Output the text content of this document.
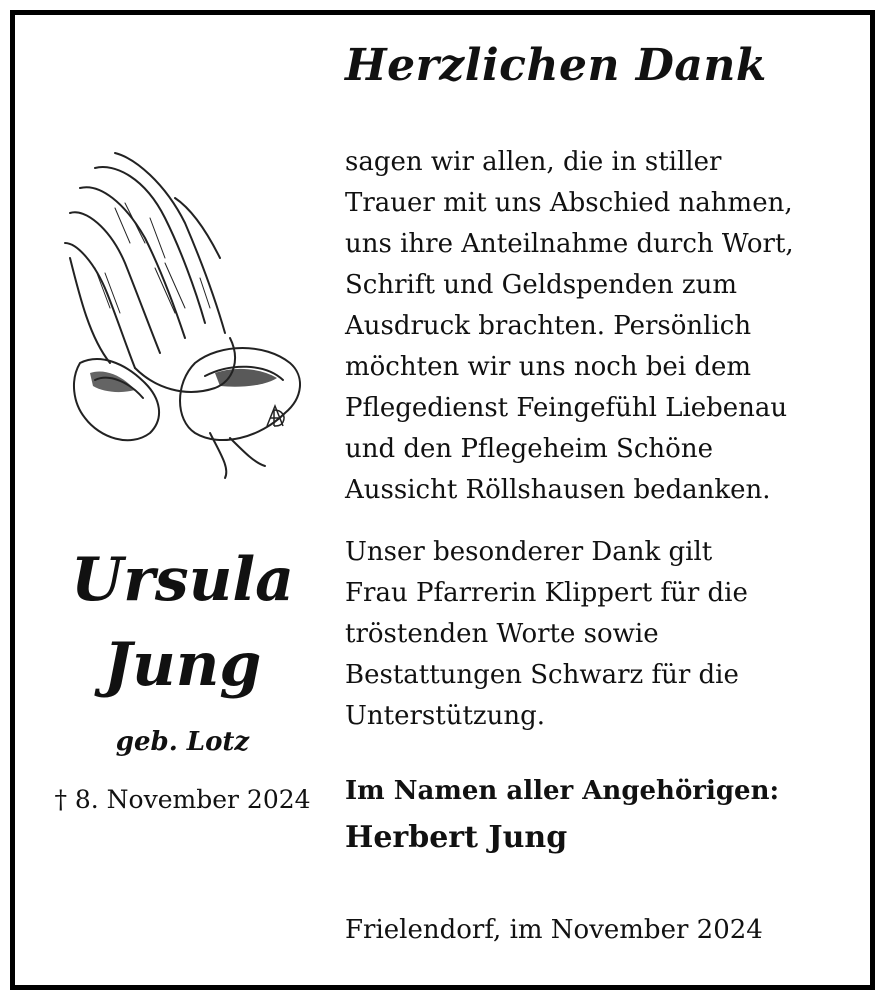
Herzlichen Dank
Ursula
Jung
geb. Lotz
† 8. November 2024
sagen wir allen, die in stiller
Trauer mit uns Abschied nahmen,
uns ihre Anteilnahme durch Wort,
Schrift und Geldspenden zum
Ausdruck brachten. Persönlich
möchten wir uns noch bei dem
Pflegedienst Feingefühl Liebenau
und den Pflegeheim Schöne
Aussicht Röllshausen bedanken.
Unser besonderer Dank gilt
Frau Pfarrerin Klippert für die
tröstenden Worte sowie
Bestattungen Schwarz für die
Unterstützung.
Im Namen aller Angehörigen:
Herbert Jung
Frielendorf, im November 2024
